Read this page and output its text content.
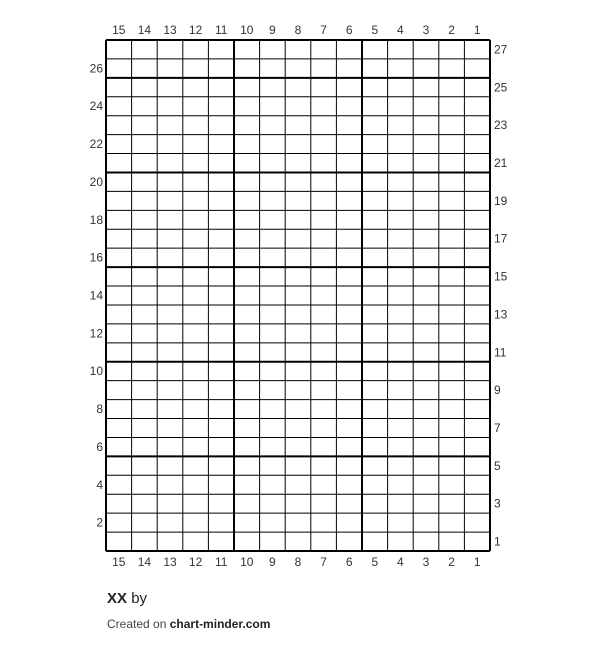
15
15
14
14
13
13
12
12
11
11
10
10
9
9
8
8
7
7
6
6
5
5
4
4
3
3
2
2
1
1
1
3
5
7
9
11
13
15
17
19
21
23
25
27
2
4
6
8
10
12
14
16
18
20
22
24
26
XX by
Created on chart-minder.com
